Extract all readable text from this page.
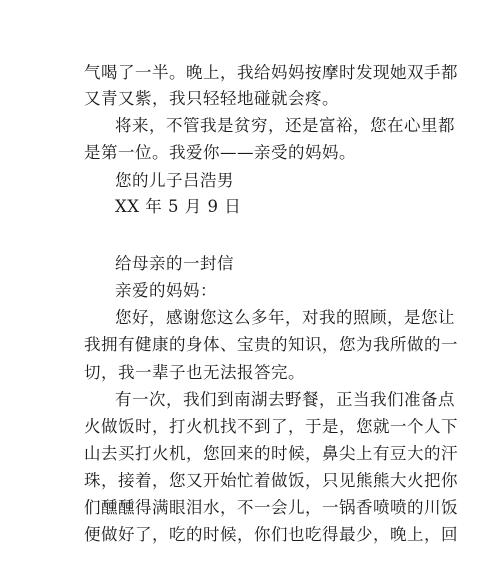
气喝了一半。晚上，我给妈妈按摩时发现她双手都
又青又紫，我只轻轻地碰就会疼。
将来，不管我是贫穷，还是富裕，您在心里都
是第一位。我爱你——亲受的妈妈。
您的儿子吕浩男
XX 年 5 月 9 日
给母亲的一封信
亲爱的妈妈：
您好，感谢您这么多年，对我的照顾，是您让
我拥有健康的身体、宝贵的知识，您为我所做的一
切，我一辈子也无法报答完。
有一次，我们到南湖去野餐，正当我们准备点
火做饭时，打火机找不到了，于是，您就一个人下
山去买打火机，您回来的时候，鼻尖上有豆大的汗
珠，接着，您又开始忙着做饭，只见熊熊大火把你
们醺醺得满眼泪水，不一会儿，一锅香喷喷的川饭
便做好了，吃的时候，你们也吃得最少，晚上，回
